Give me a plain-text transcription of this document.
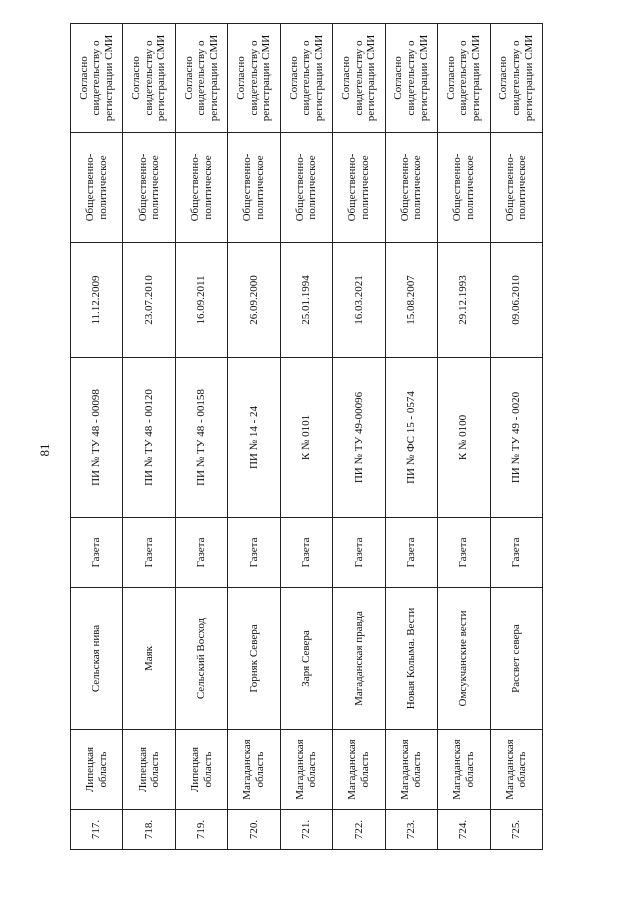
81
717.	Липецкая область	Сельская нива	Газета	ПИ № ТУ 48 - 00098	11.12.2009	Общественно-политическое	Согласно свидетельству о регистрации СМИ
718.	Липецкая область	Маяк	Газета	ПИ № ТУ 48 - 00120	23.07.2010	Общественно-политическое	Согласно свидетельству о регистрации СМИ
719.	Липецкая область	Сельский Восход	Газета	ПИ № ТУ 48 - 00158	16.09.2011	Общественно-политическое	Согласно свидетельству о регистрации СМИ
720.	Магаданская область	Горняк Севера	Газета	ПИ № 14 - 24	26.09.2000	Общественно-политическое	Согласно свидетельству о регистрации СМИ
721.	Магаданская область	Заря Севера	Газета	К № 0101	25.01.1994	Общественно-политическое	Согласно свидетельству о регистрации СМИ
722.	Магаданская область	Магаданская правда	Газета	ПИ № ТУ 49-00096	16.03.2021	Общественно-политическое	Согласно свидетельству о регистрации СМИ
723.	Магаданская область	Новая Колыма. Вести	Газета	ПИ № ФС 15 - 0574	15.08.2007	Общественно-политическое	Согласно свидетельству о регистрации СМИ
724.	Магаданская область	Омсукчанские вести	Газета	К № 0100	29.12.1993	Общественно-политическое	Согласно свидетельству о регистрации СМИ
725.	Магаданская область	Рассвет севера	Газета	ПИ № ТУ 49 - 0020	09.06.2010	Общественно-политическое	Согласно свидетельству о регистрации СМИ
